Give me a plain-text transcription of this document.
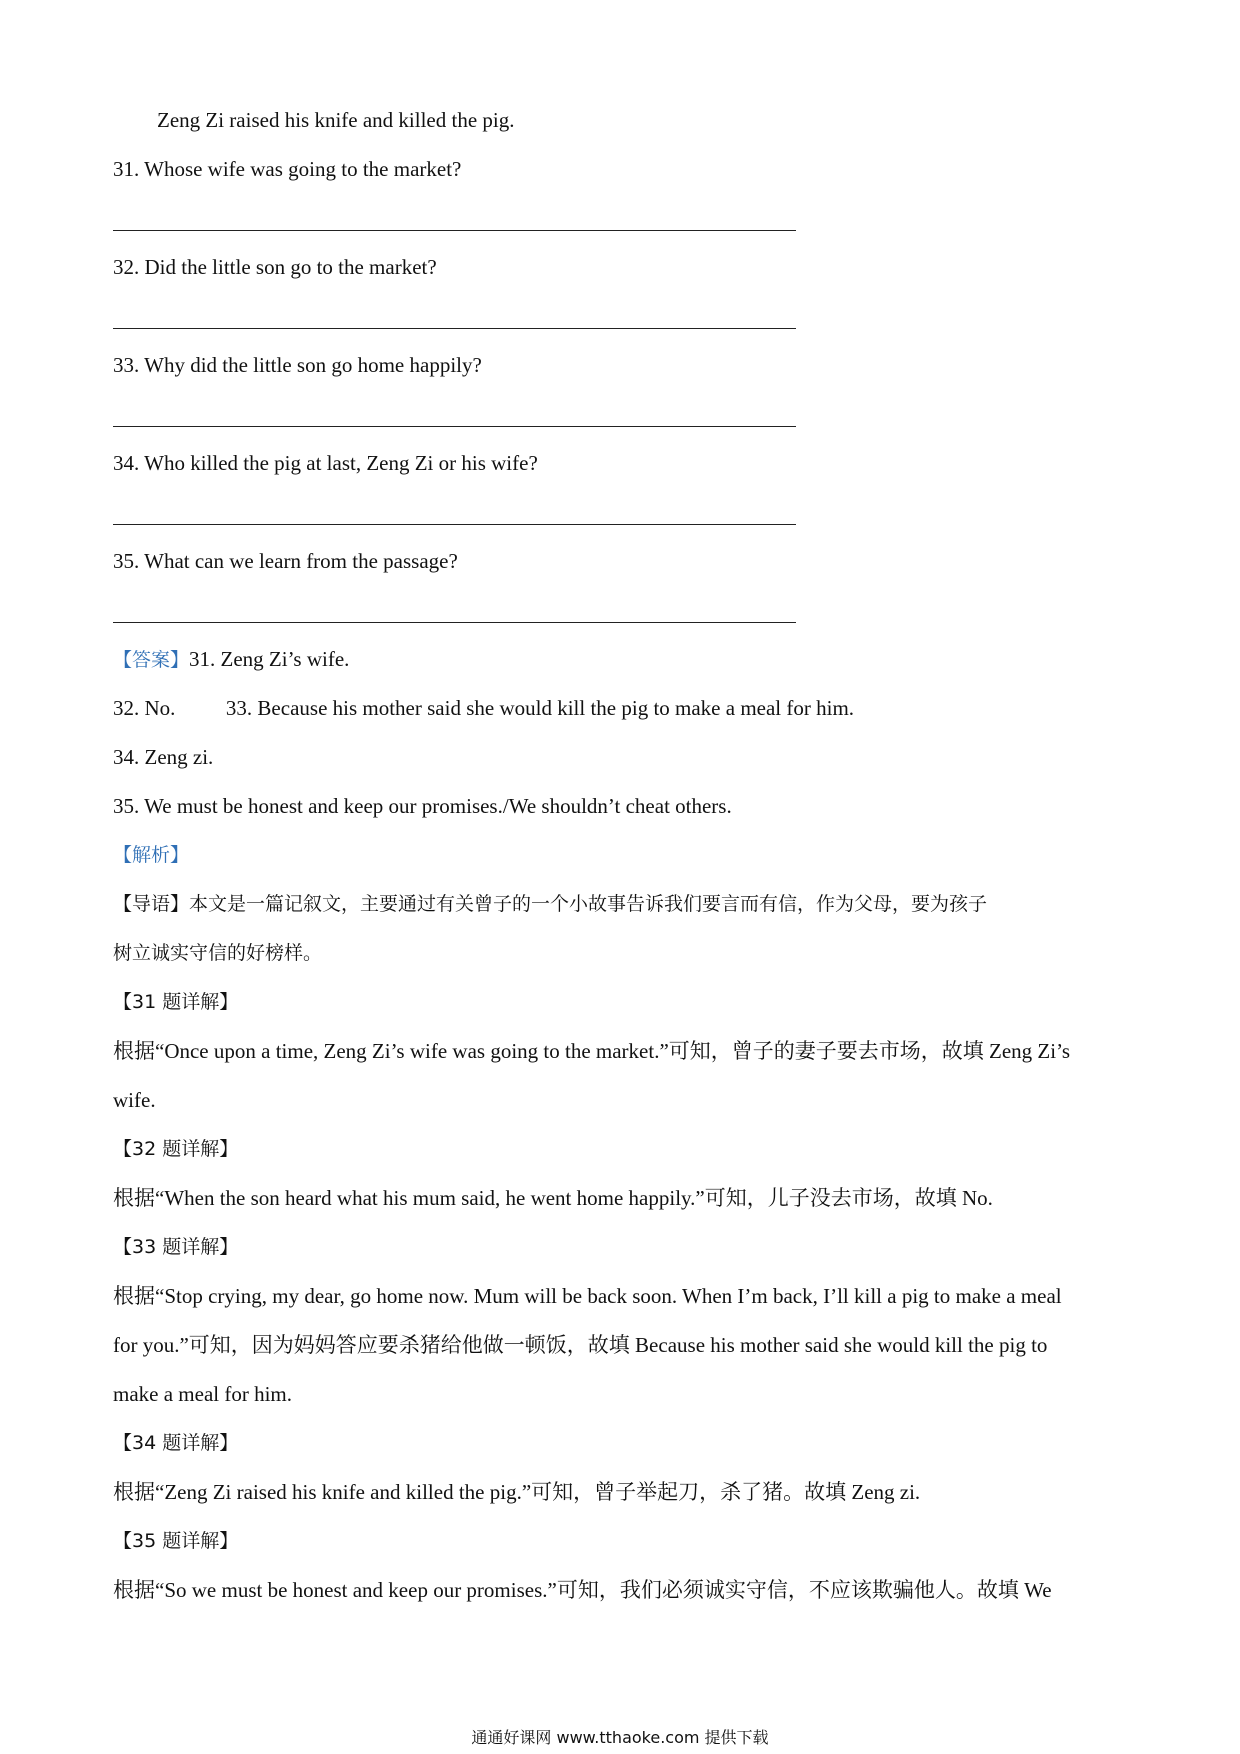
Zeng Zi raised his knife and killed the pig.
31. Whose wife was going to the market?
32. Did the little son go to the market?
33. Why did the little son go home happily?
34. Who killed the pig at last, Zeng Zi or his wife?
35. What can we learn from the passage?
【答案】31. Zeng Zi’s wife.
32. No. 33. Because his mother said she would kill the pig to make a meal for him.
34. Zeng zi.
35. We must be honest and keep our promises./We shouldn’t cheat others.
【解析】
【导语】本文是一篇记叙文，主要通过有关曾子的一个小故事告诉我们要言而有信，作为父母，要为孩子
树立诚实守信的好榜样。
【31 题详解】
根据“Once upon a time, Zeng Zi’s wife was going to the market.”可知，曾子的妻子要去市场，故填 Zeng Zi’s
wife.
【32 题详解】
根据“When the son heard what his mum said, he went home happily.”可知，儿子没去市场，故填 No.
【33 题详解】
根据“Stop crying, my dear, go home now. Mum will be back soon. When I’m back, I’ll kill a pig to make a meal
for you.”可知，因为妈妈答应要杀猪给他做一顿饭，故填 Because his mother said she would kill the pig to
make a meal for him.
【34 题详解】
根据“Zeng Zi raised his knife and killed the pig.”可知，曾子举起刀，杀了猪。故填 Zeng zi.
【35 题详解】
根据“So we must be honest and keep our promises.”可知，我们必须诚实守信，不应该欺骗他人。故填 We
通通好课网 www.tthaoke.com 提供下载
